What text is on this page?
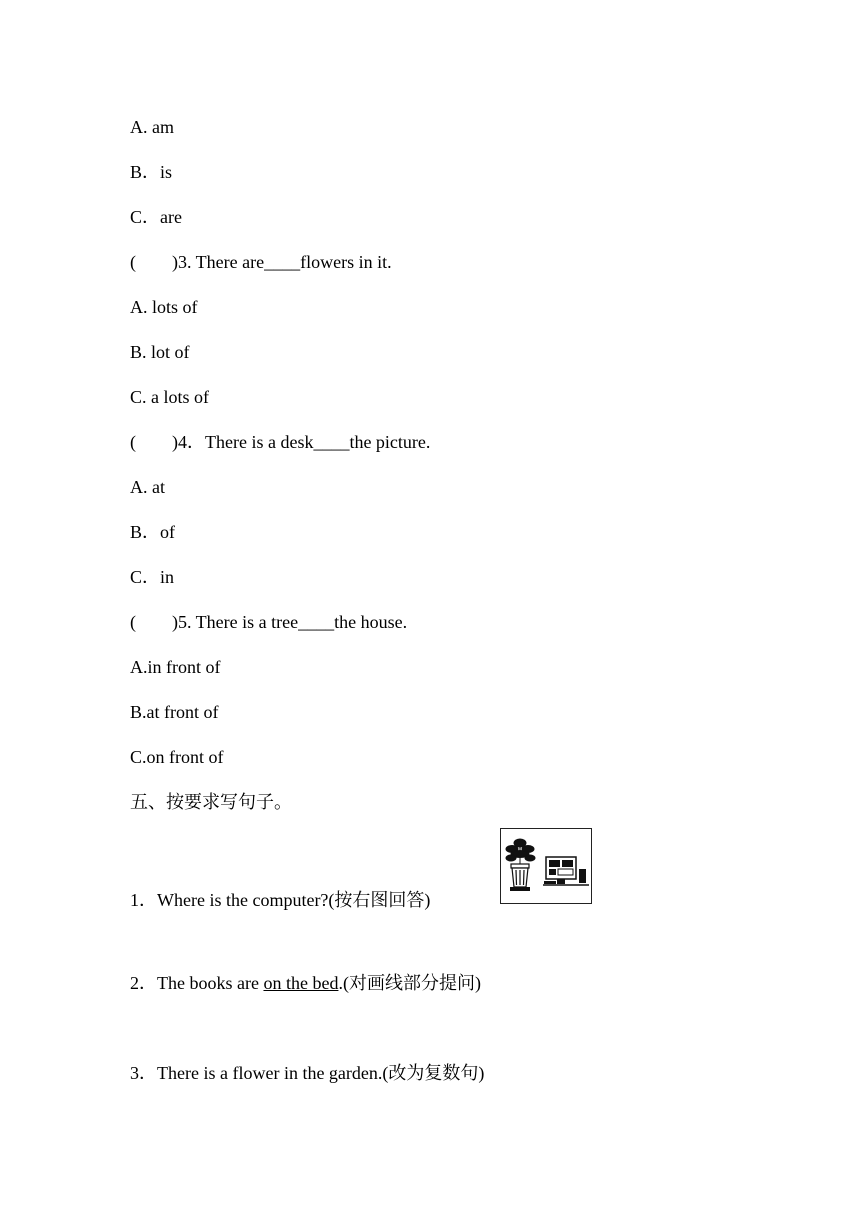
A. am
B．is
C．are
(        )3. There are____flowers in it.
A. lots of
B. lot of
C. a lots of
(        )4．There is a desk____the picture.
A. at
B．of
C．in
(        )5. There is a tree____the house.
A.in front of
B.at front of
C.on front of
五、按要求写句子。
1．Where is the computer?(按右图回答)
2．The books are on the bed.(对画线部分提问)
3．There is a flower in the garden.(改为复数句)
